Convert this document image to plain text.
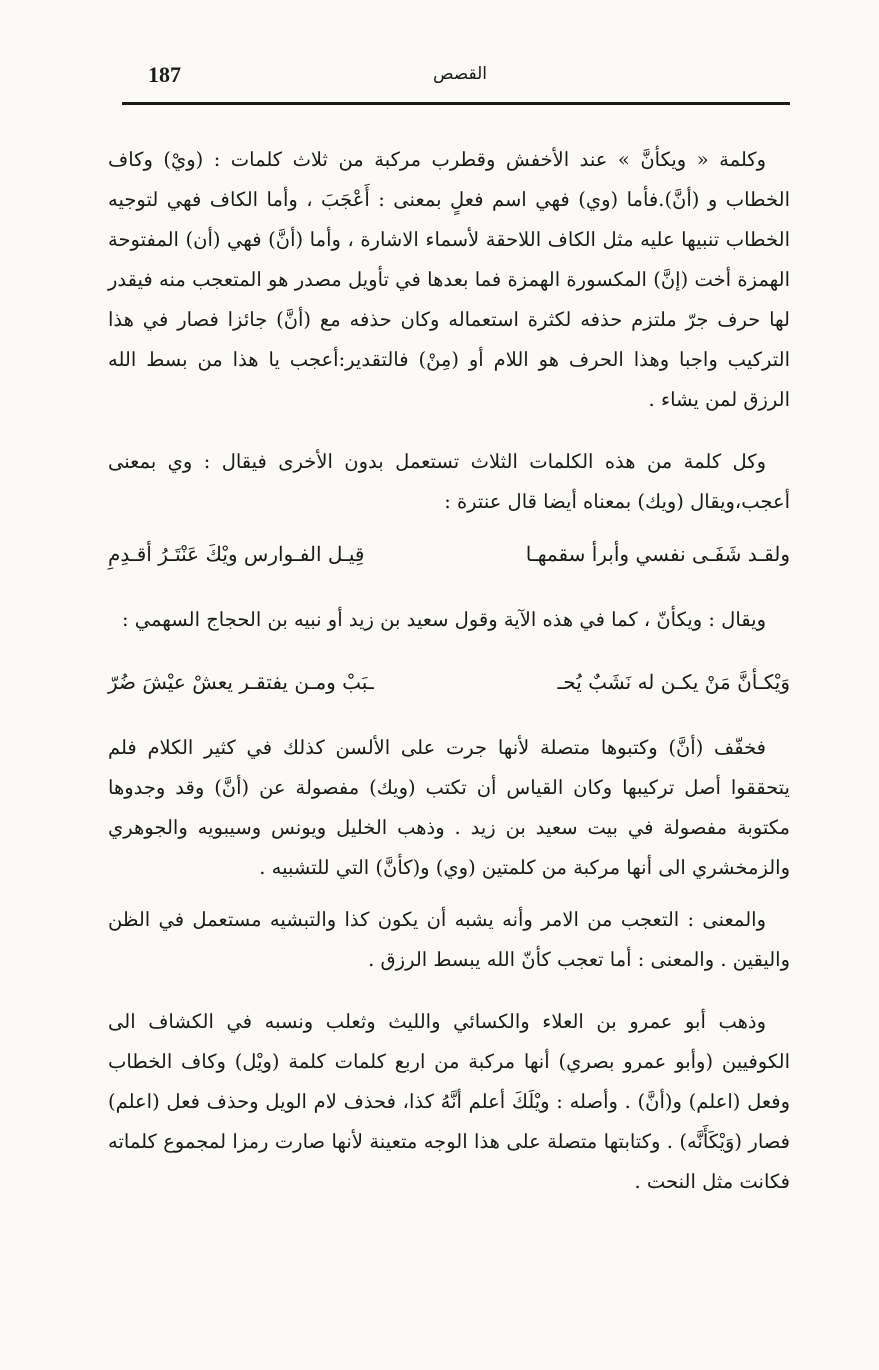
187	القصص

وكلمة « ويكأنَّ » عند الأخفش وقطرب مركبة من ثلاث كلمات : (ويْ) وكاف الخطاب و (أنَّ).فأما (وي) فهي اسم فعلٍ بمعنى : أَعْجَبَ ، وأما الكاف فهي لتوجيه الخطاب تنبيها عليه مثل الكاف اللاحقة لأسماء الاشارة ، وأما (أنَّ) فهي (أن) المفتوحة الهمزة أخت (إنَّ) المكسورة الهمزة فما بعدها في تأويل مصدر هو المتعجب منه فيقدر لها حرف جرّ ملتزم حذفه لكثرة استعماله وكان حذفه مع (أنَّ) جائزا فصار في هذا التركيب واجبا وهذا الحرف هو اللام أو (مِنْ) فالتقدير:أعجب يا هذا من بسط الله الرزق لمن يشاء .

وكل كلمة من هذه الكلمات الثلاث تستعمل بدون الأخرى فيقال : وي بمعنى أعجب،ويقال (ويك) بمعناه أيضا قال عنترة :

ولقـد شَفَـى نفسي وأبرأ سقمهـا
قِيـل الفـوارس ويْكَ عَنْتَـرُ أقـدِمِ

ويقال : ويكأنّ ، كما في هذه الآية وقول سعيد بن زيد أو نبيه بن الحجاج السهمي :

وَيْكـأنَّ مَنْ يكـن له نَشَبٌ يُحـ
ـبَبْ ومـن يفتقـر يعشْ عيْشَ ضُرّ

فخفّف (أنَّ) وكتبوها متصلة لأنها جرت على الألسن كذلك في كثير الكلام فلم يتحققوا أصل تركيبها وكان القياس أن تكتب (ويك) مفصولة عن (أنَّ) وقد وجدوها مكتوبة مفصولة في بيت سعيد بن زيد . وذهب الخليل ويونس وسيبويه والجوهري والزمخشري الى أنها مركبة من كلمتين (وي) و(كأنَّ) التي للتشبيه .

والمعنى : التعجب من الامر وأنه يشبه أن يكون كذا والتبشيه مستعمل في الظن واليقين . والمعنى : أما تعجب كأنّ الله يبسط الرزق .

وذهب أبو عمرو بن العلاء والكسائي والليث وثعلب ونسبه في الكشاف الى الكوفيين (وأبو عمرو بصري) أنها مركبة من اربع كلمات كلمة (ويْل) وكاف الخطاب وفعل (اعلم) و(أنَّ) . وأصله : ويْلَكَ أعلم أنَّهُ كذا، فحذف لام الويل وحذف فعل (اعلم) فصار (وَيْكَأَنَّه) . وكتابتها متصلة على هذا الوجه متعينة لأنها صارت رمزا لمجموع كلماته فكانت مثل النحت .
